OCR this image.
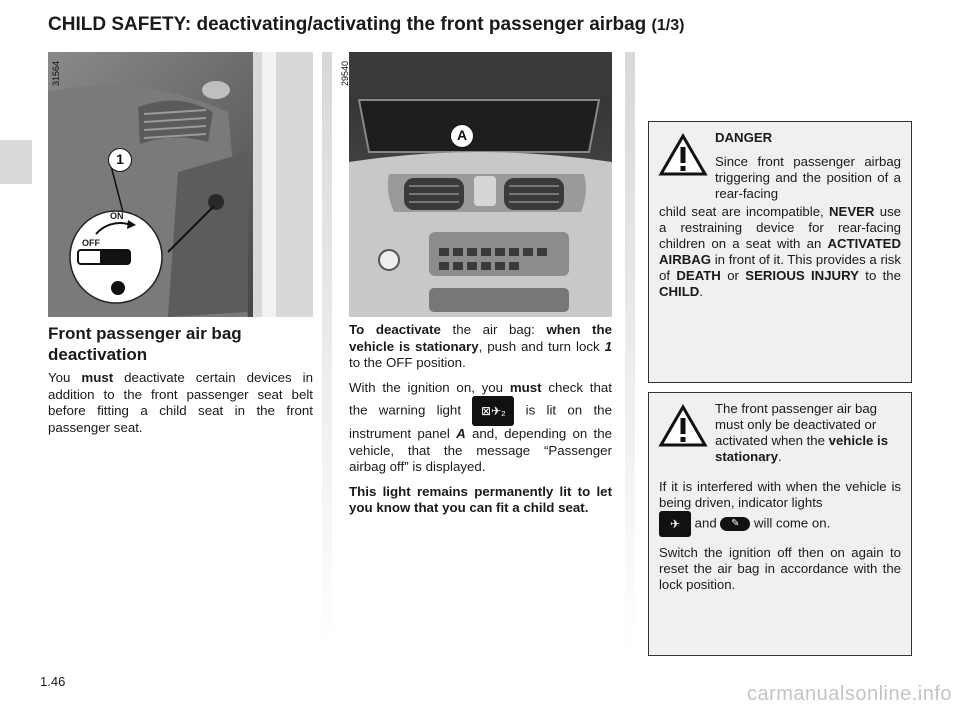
CHILD SAFETY: deactivating/activating the front passenger airbag (1/3)
ON
OFF
1
31564
A
29540
Front passenger air bag deactivation

You must deactivate certain devices in addition to the front passenger seat belt before fitting a child seat in the front passenger seat.

To deactivate the air bag: when the vehicle is stationary, push and turn lock 1 to the OFF position.

With the ignition on, you must check that the warning light ⊠✈₂ is lit on the instrument panel A and, depending on the vehicle, that the message “Passenger airbag off” is displayed.

This light remains permanently lit to let you know that you can fit a child seat.

DANGER
Since front passenger airbag triggering and the position of a rear-facing
child seat are incompatible, NEVER use a restraining device for rear-facing children on a seat with an ACTIVATED AIRBAG in front of it. This provides a risk of DEATH or SERIOUS INJURY to the CHILD.
The front passenger air bag must only be deactivated or activated when the vehicle is stationary.

If it is interfered with when the vehicle is being driven, indicator lights
✈ and ✎ will come on.

Switch the ignition off then on again to reset the air bag in accordance with the lock position.

1.46
carmanualsonline.info
